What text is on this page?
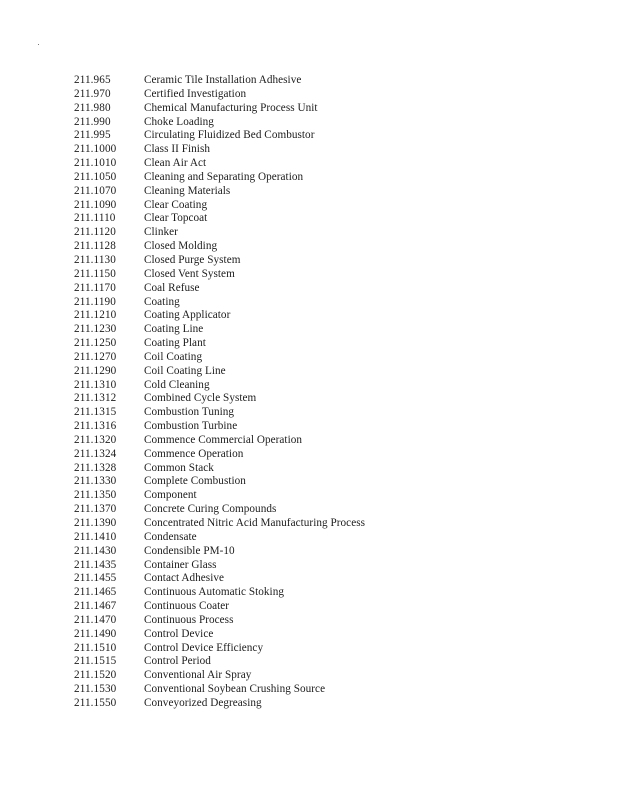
211.965	Ceramic Tile Installation Adhesive
211.970	Certified Investigation
211.980	Chemical Manufacturing Process Unit
211.990	Choke Loading
211.995	Circulating Fluidized Bed Combustor
211.1000	Class II Finish
211.1010	Clean Air Act
211.1050	Cleaning and Separating Operation
211.1070	Cleaning Materials
211.1090	Clear Coating
211.1110	Clear Topcoat
211.1120	Clinker
211.1128	Closed Molding
211.1130	Closed Purge System
211.1150	Closed Vent System
211.1170	Coal Refuse
211.1190	Coating
211.1210	Coating Applicator
211.1230	Coating Line
211.1250	Coating Plant
211.1270	Coil Coating
211.1290	Coil Coating Line
211.1310	Cold Cleaning
211.1312	Combined Cycle System
211.1315	Combustion Tuning
211.1316	Combustion Turbine
211.1320	Commence Commercial Operation
211.1324	Commence Operation
211.1328	Common Stack
211.1330	Complete Combustion
211.1350	Component
211.1370	Concrete Curing Compounds
211.1390	Concentrated Nitric Acid Manufacturing Process
211.1410	Condensate
211.1430	Condensible PM-10
211.1435	Container Glass
211.1455	Contact Adhesive
211.1465	Continuous Automatic Stoking
211.1467	Continuous Coater
211.1470	Continuous Process
211.1490	Control Device
211.1510	Control Device Efficiency
211.1515	Control Period
211.1520	Conventional Air Spray
211.1530	Conventional Soybean Crushing Source
211.1550	Conveyorized Degreasing
